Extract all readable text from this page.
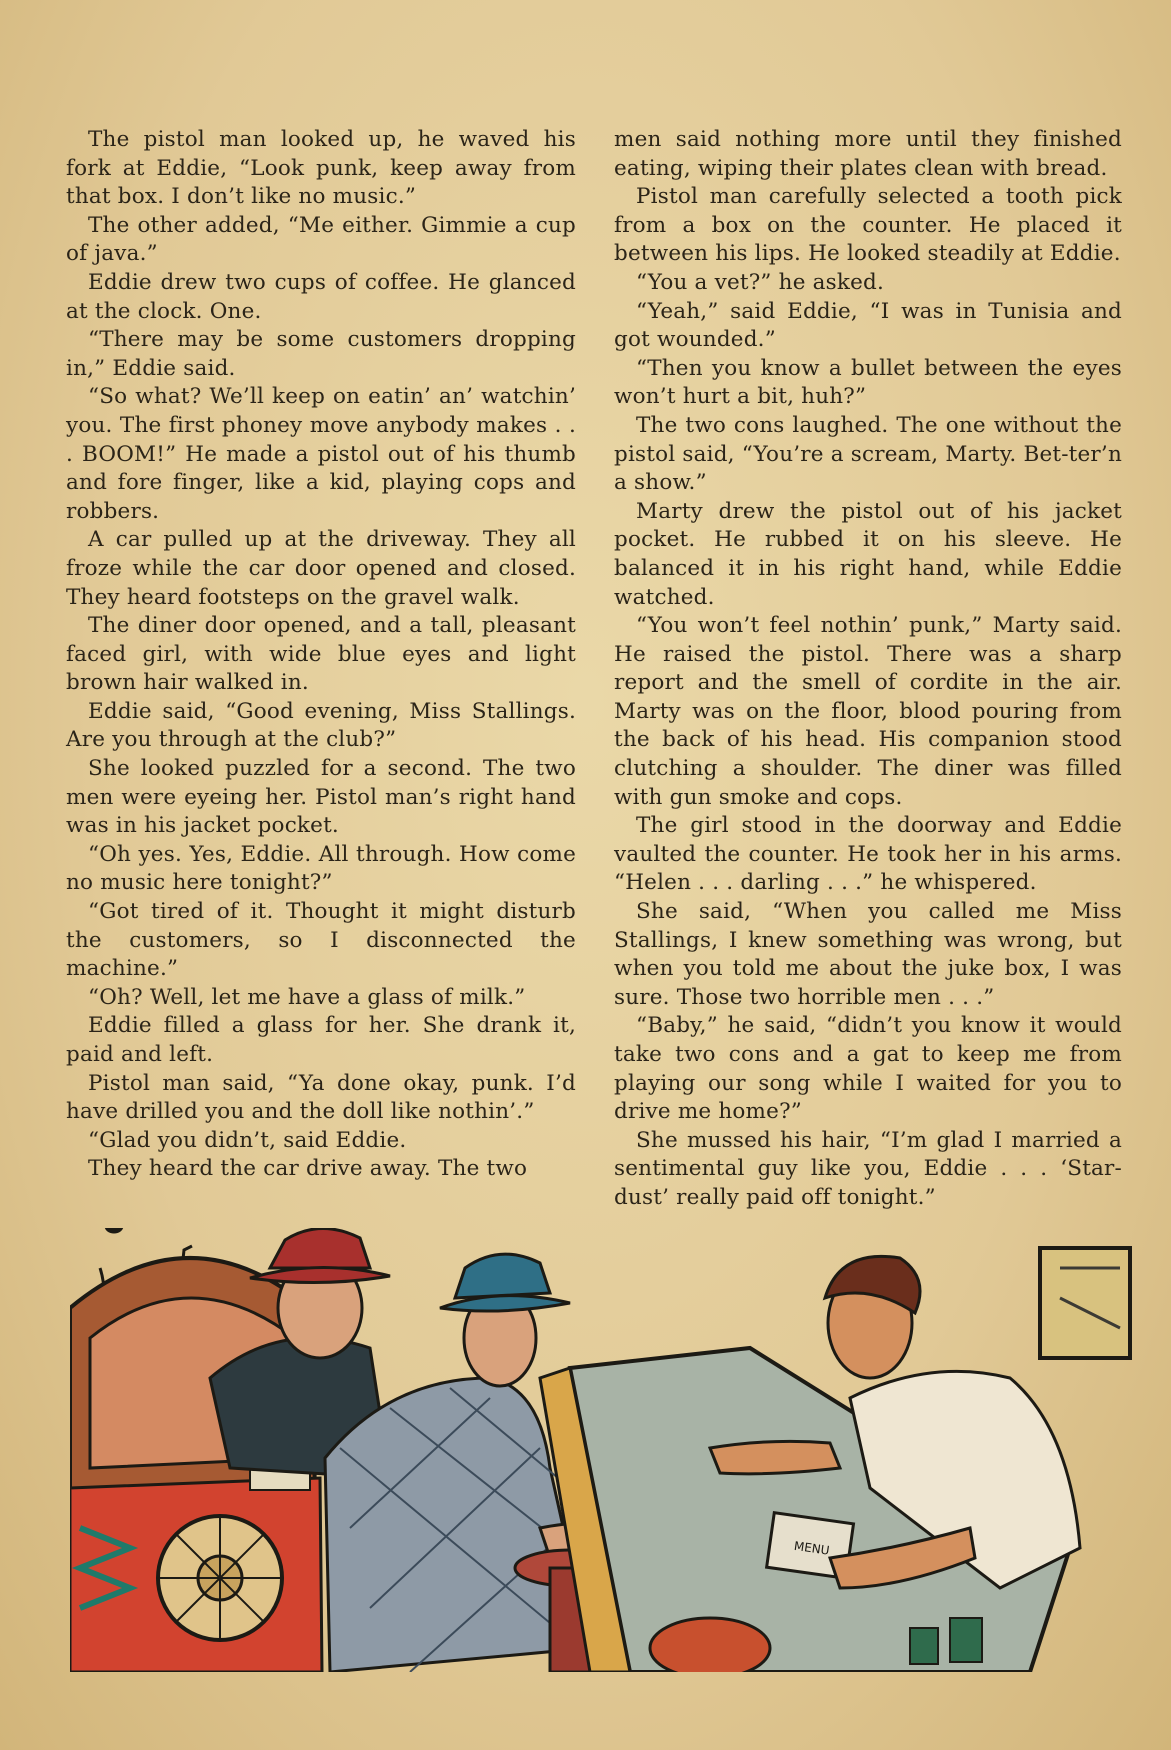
The pistol man looked up, he waved his fork at Eddie, “Look punk, keep away from that box. I don’t like no music.”

The other added, “Me either. Gimmie a cup of java.”

Eddie drew two cups of coffee. He glanced at the clock. One.

“There may be some customers dropping in,” Eddie said.

“So what? We’ll keep on eatin’ an’ watchin’ you. The first phoney move anybody makes . . . BOOM!” He made a pistol out of his thumb and fore finger, like a kid, playing cops and robbers.

A car pulled up at the driveway. They all froze while the car door opened and closed. They heard footsteps on the gravel walk.

The diner door opened, and a tall, pleasant faced girl, with wide blue eyes and light brown hair walked in.

Eddie said, “Good evening, Miss Stallings. Are you through at the club?”

She looked puzzled for a second. The two men were eyeing her. Pistol man’s right hand was in his jacket pocket.

“Oh yes. Yes, Eddie. All through. How come no music here tonight?”

“Got tired of it. Thought it might disturb the customers, so I disconnected the machine.”

“Oh? Well, let me have a glass of milk.”

Eddie filled a glass for her. She drank it, paid and left.

Pistol man said, “Ya done okay, punk. I’d have drilled you and the doll like nothin’.”

“Glad you didn’t, said Eddie.

They heard the car drive away. The two

men said nothing more until they finished eating, wiping their plates clean with bread.

Pistol man carefully selected a tooth pick from a box on the counter. He placed it between his lips. He looked steadily at Eddie.

“You a vet?” he asked.

“Yeah,” said Eddie, “I was in Tunisia and got wounded.”

“Then you know a bullet between the eyes won’t hurt a bit, huh?”

The two cons laughed. The one without the pistol said, “You’re a scream, Marty. Bet-ter’n a show.”

Marty drew the pistol out of his jacket pocket. He rubbed it on his sleeve. He balanced it in his right hand, while Eddie watched.

“You won’t feel nothin’ punk,” Marty said. He raised the pistol. There was a sharp report and the smell of cordite in the air. Marty was on the floor, blood pouring from the back of his head. His companion stood clutching a shoulder. The diner was filled with gun smoke and cops.

The girl stood in the doorway and Eddie vaulted the counter. He took her in his arms. “Helen . . . darling . . .” he whispered.

She said, “When you called me Miss Stallings, I knew something was wrong, but when you told me about the juke box, I was sure. Those two horrible men . . .”

“Baby,” he said, “didn’t you know it would take two cons and a gat to keep me from playing our song while I waited for you to drive me home?”

She mussed his hair, “I’m glad I married a sentimental guy like you, Eddie . . . ‘Star-dust’ really paid off tonight.”

MENU
